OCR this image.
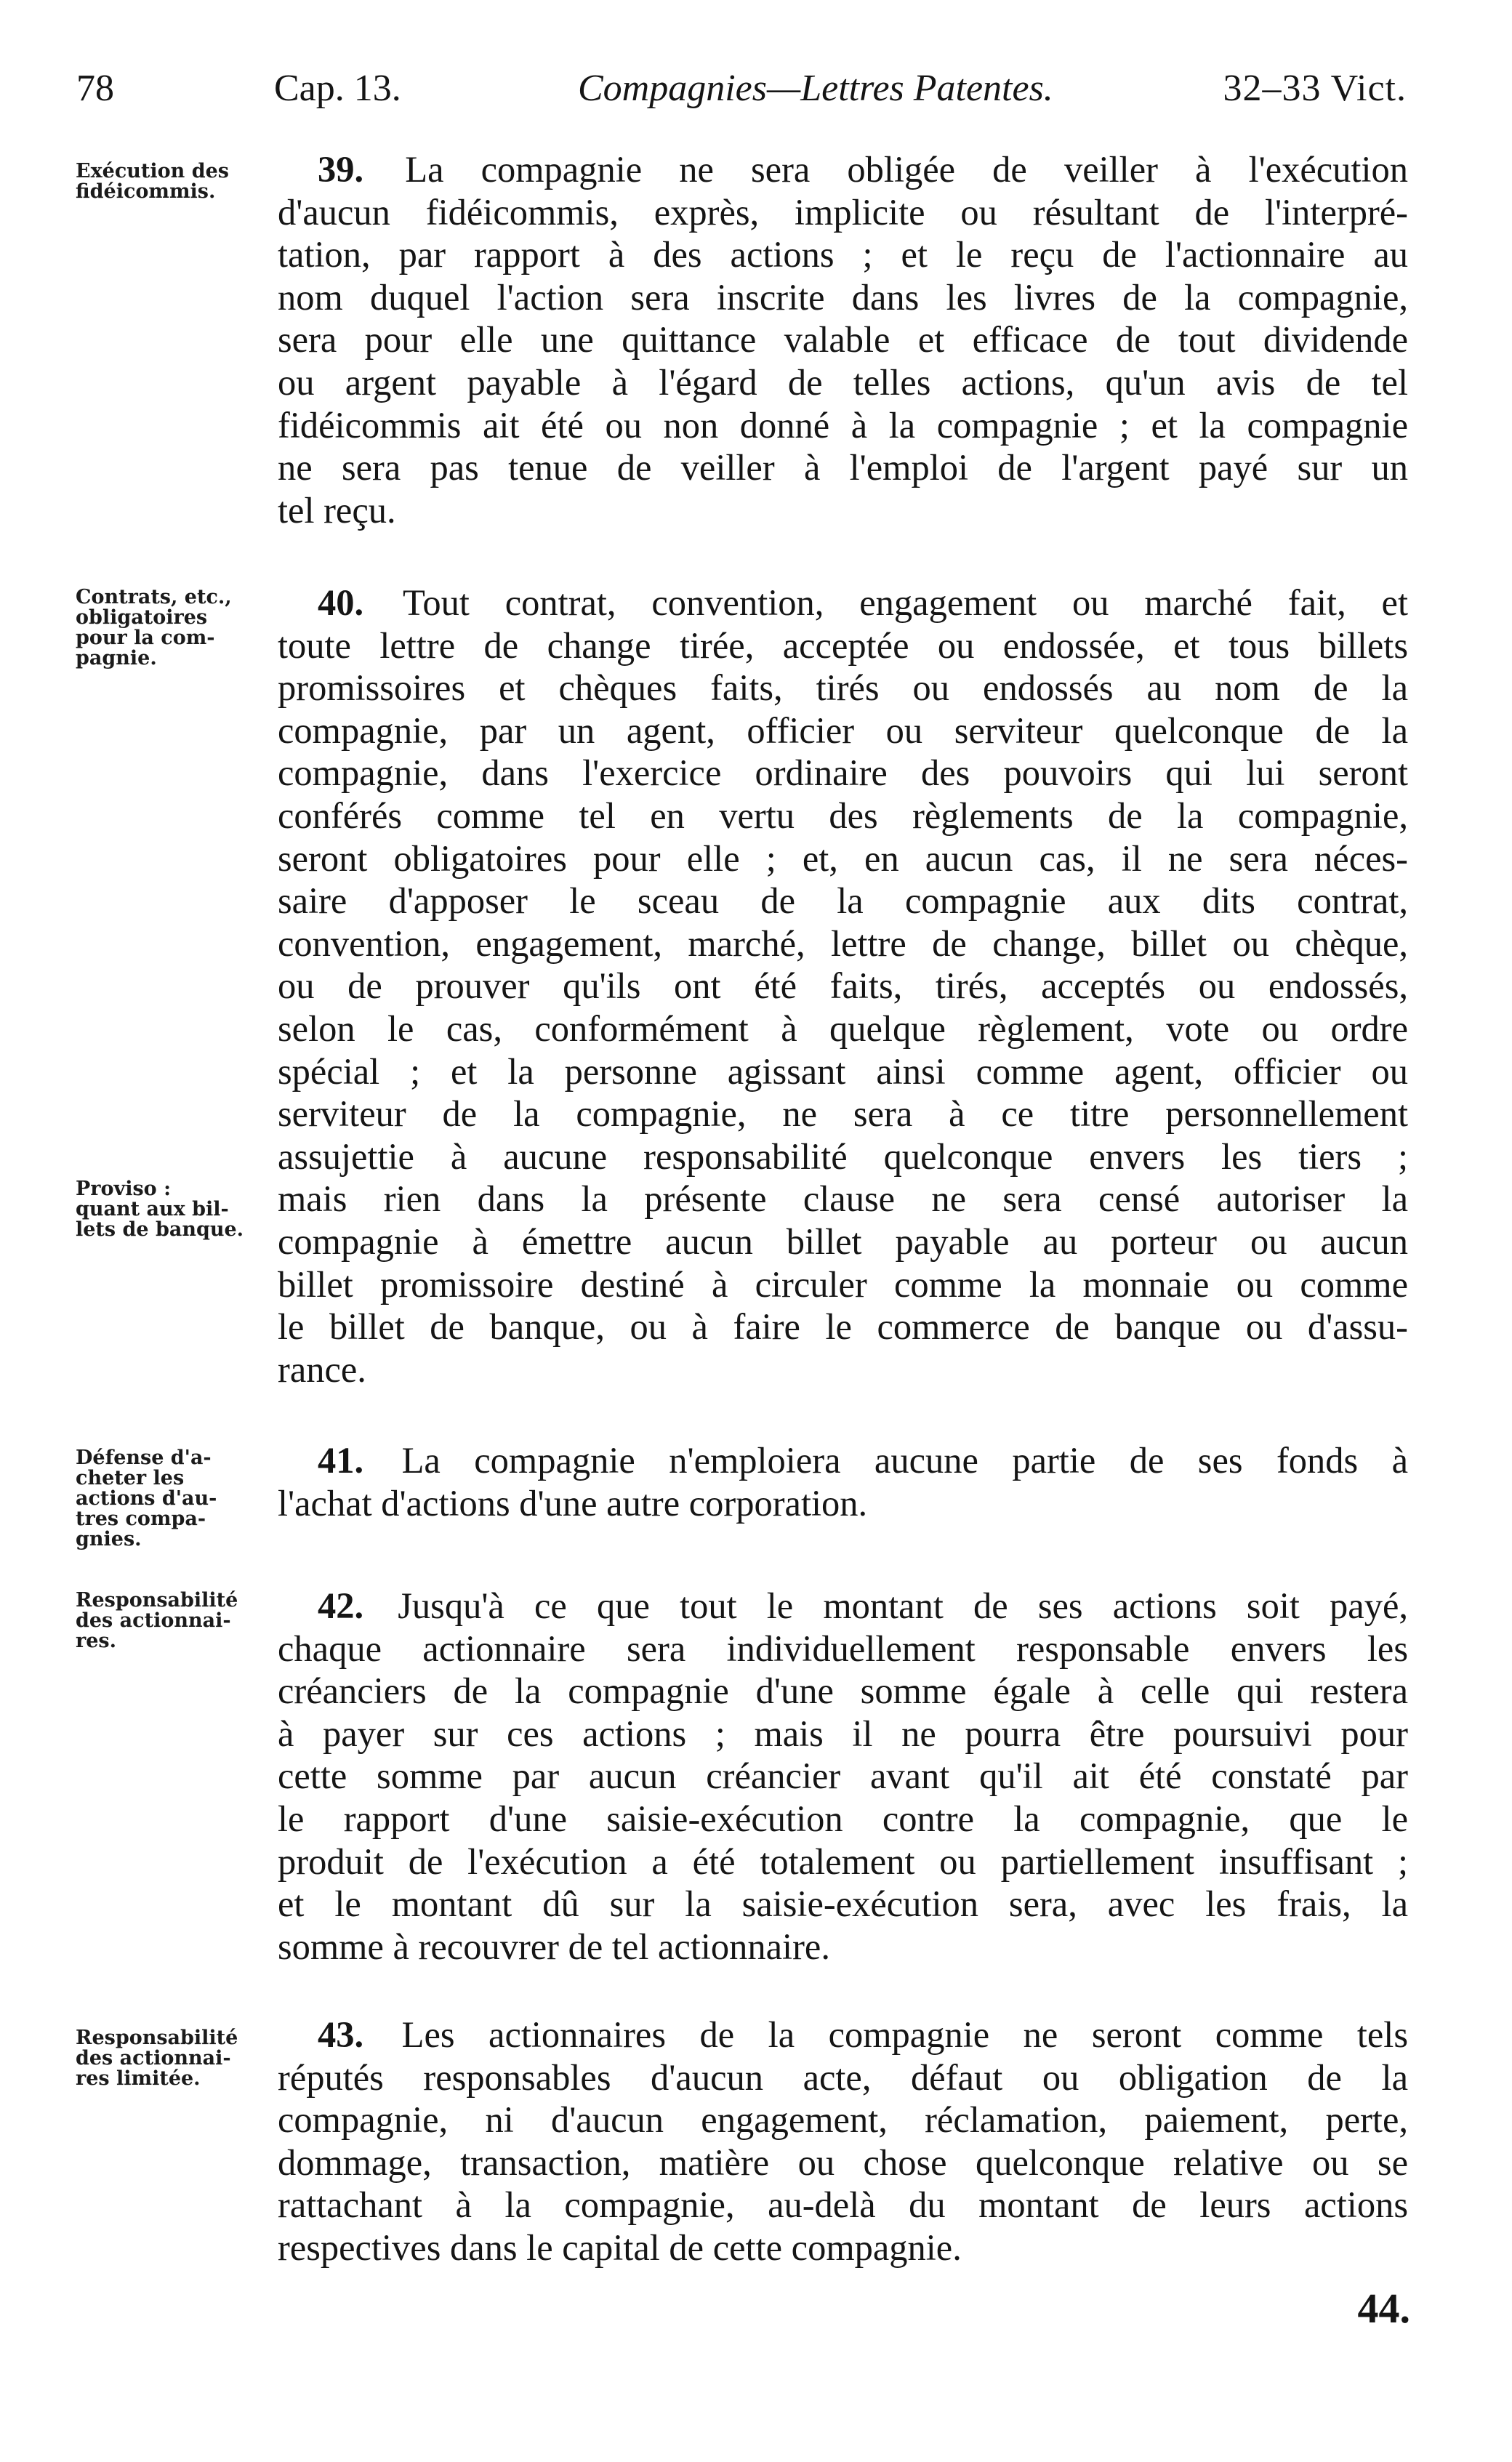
78	Cap. 13.	Compagnies—Lettres Patentes.	32–33 Vict.
Exécution des
fidéicommis.
Contrats, etc.,
obligatoires
pour la com-
pagnie.
Proviso :
quant aux bil-
lets de banque.
Défense d'a-
cheter les
actions d'au-
tres compa-
gnies.
Responsabilité
des actionnai-
res.
Responsabilité
des actionnai-
res limitée.
39. La compagnie ne sera obligée de veiller à l'exécution
d'aucun fidéicommis, exprès, implicite ou résultant de l'interpré-
tation, par rapport à des actions ; et le reçu de l'actionnaire au
nom duquel l'action sera inscrite dans les livres de la compagnie,
sera pour elle une quittance valable et efficace de tout dividende
ou argent payable à l'égard de telles actions, qu'un avis de tel
fidéicommis ait été ou non donné à la compagnie ; et la compagnie
ne sera pas tenue de veiller à l'emploi de l'argent payé sur un
tel reçu.
40. Tout contrat, convention, engagement ou marché fait, et
toute lettre de change tirée, acceptée ou endossée, et tous billets
promissoires et chèques faits, tirés ou endossés au nom de la
compagnie, par un agent, officier ou serviteur quelconque de la
compagnie, dans l'exercice ordinaire des pouvoirs qui lui seront
conférés comme tel en vertu des règlements de la compagnie,
seront obligatoires pour elle ; et, en aucun cas, il ne sera néces-
saire d'apposer le sceau de la compagnie aux dits contrat,
convention, engagement, marché, lettre de change, billet ou chèque,
ou de prouver qu'ils ont été faits, tirés, acceptés ou endossés,
selon le cas, conformément à quelque règlement, vote ou ordre
spécial ; et la personne agissant ainsi comme agent, officier ou
serviteur de la compagnie, ne sera à ce titre personnellement
assujettie à aucune responsabilité quelconque envers les tiers ;
mais rien dans la présente clause ne sera censé autoriser la
compagnie à émettre aucun billet payable au porteur ou aucun
billet promissoire destiné à circuler comme la monnaie ou comme
le billet de banque, ou à faire le commerce de banque ou d'assu-
rance.
41. La compagnie n'emploiera aucune partie de ses fonds à
l'achat d'actions d'une autre corporation.
42. Jusqu'à ce que tout le montant de ses actions soit payé,
chaque actionnaire sera individuellement responsable envers les
créanciers de la compagnie d'une somme égale à celle qui restera
à payer sur ces actions ; mais il ne pourra être poursuivi pour
cette somme par aucun créancier avant qu'il ait été constaté par
le rapport d'une saisie-exécution contre la compagnie, que le
produit de l'exécution a été totalement ou partiellement insuffisant ;
et le montant dû sur la saisie-exécution sera, avec les frais, la
somme à recouvrer de tel actionnaire.
43. Les actionnaires de la compagnie ne seront comme tels
réputés responsables d'aucun acte, défaut ou obligation de la
compagnie, ni d'aucun engagement, réclamation, paiement, perte,
dommage, transaction, matière ou chose quelconque relative ou se
rattachant à la compagnie, au-delà du montant de leurs actions
respectives dans le capital de cette compagnie.
44.
